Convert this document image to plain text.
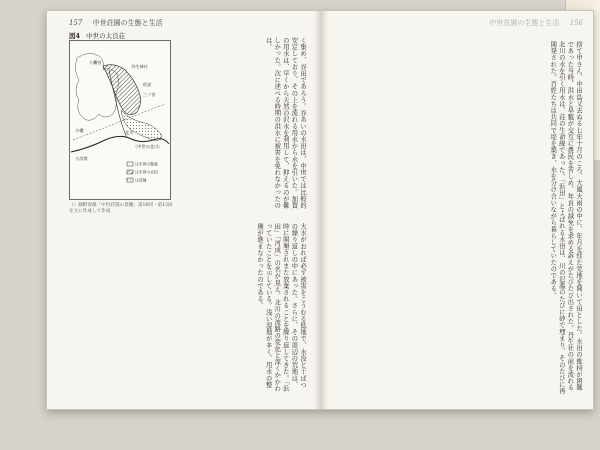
157 中世荘園の生態と生活
図4 中世の太良荘
八幡宮
丹生神社
恒安
三ノ宮
北川
〈中世の北川〉
小槻
小浜湾
は中世の集落
は中世の水田
は荒地
（）細野春雄「中世荘園の景観」第16回・第13回を元に作成して作成
く集め、谷田であろう。谷あいの水田は、中世では比較的安定しており、その上を流れる用水から水を引いた。加賀の用水は、早くから天然の沢水を利用して、抑えるのが難しかった。次に述べる時期の洪水に被害を免れなかったのは。
大水がおれば必ず被害をこうむる低地で、水没と干ばつの繰り返しの中にあった。さらに、その周辺の荒地は、時に開墾されまた放棄されることを繰り返してきた。「浜田」「河成」の名が見え、北川の流路の変化と深くかかわっていたことを示している。浅い湿地が多く、用水の整備が進まなかったのである。
中世荘園の生態と生活 156
捨て申さん、中田島又去ぬる七年十月のころ、大風大雨の中に、年月を経た荒地を開いて田とした。水田の維持が困難であった当時、洪水と旱魃が交互に農民を苦しめ、年貢の減免を求める訴えがたびたび出された。丹生社の前を流れる北川の水を引く用水は、荘の生命線であった。「浜田」とよばれる水田は、川の氾濫のたびに砂で埋まり、そのたびに再開発された。百姓たちは共同で堤を築き、水を分け合いながら暮らしていたのである。
